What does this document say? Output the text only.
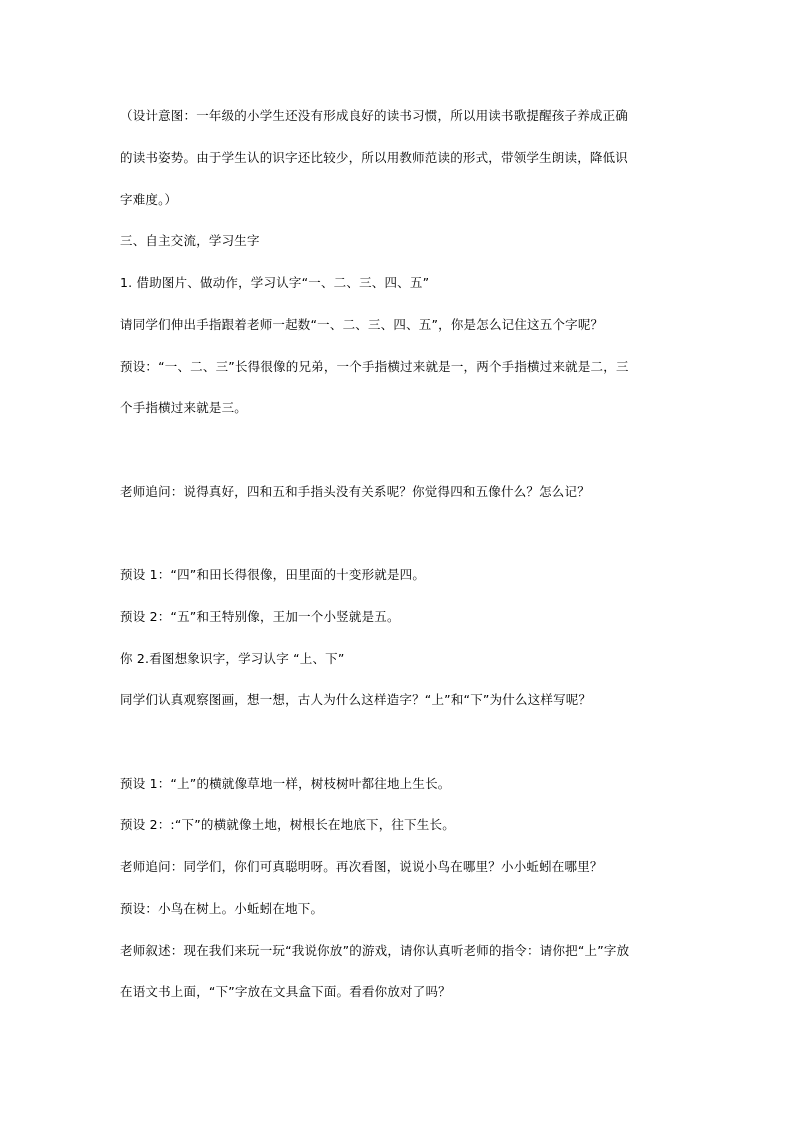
（设计意图：一年级的小学生还没有形成良好的读书习惯，所以用读书歌提醒孩子养成正确
的读书姿势。由于学生认的识字还比较少，所以用教师范读的形式，带领学生朗读，降低识
字难度。）
三、自主交流，学习生字
1. 借助图片、做动作，学习认字“一、二、三、四、五”
请同学们伸出手指跟着老师一起数“一、二、三、四、五”，你是怎么记住这五个字呢？
预设：“一、二、三”长得很像的兄弟，一个手指横过来就是一，两个手指横过来就是二，三
个手指横过来就是三。
老师追问：说得真好，四和五和手指头没有关系呢？你觉得四和五像什么？怎么记？
预设 1：“四”和田长得很像，田里面的十变形就是四。
预设 2：“五”和王特别像，王加一个小竖就是五。
你 2.看图想象识字，学习认字 “上、下”
同学们认真观察图画，想一想，古人为什么这样造字？“上”和“下”为什么这样写呢？
预设 1：“上”的横就像草地一样，树枝树叶都往地上生长。
预设 2：:“下”的横就像土地，树根长在地底下，往下生长。
老师追问：同学们，你们可真聪明呀。再次看图，说说小鸟在哪里？小小蚯蚓在哪里？
预设：小鸟在树上。小蚯蚓在地下。
老师叙述：现在我们来玩一玩“我说你放”的游戏，请你认真听老师的指令：请你把“上”字放
在语文书上面，“下”字放在文具盒下面。看看你放对了吗？
